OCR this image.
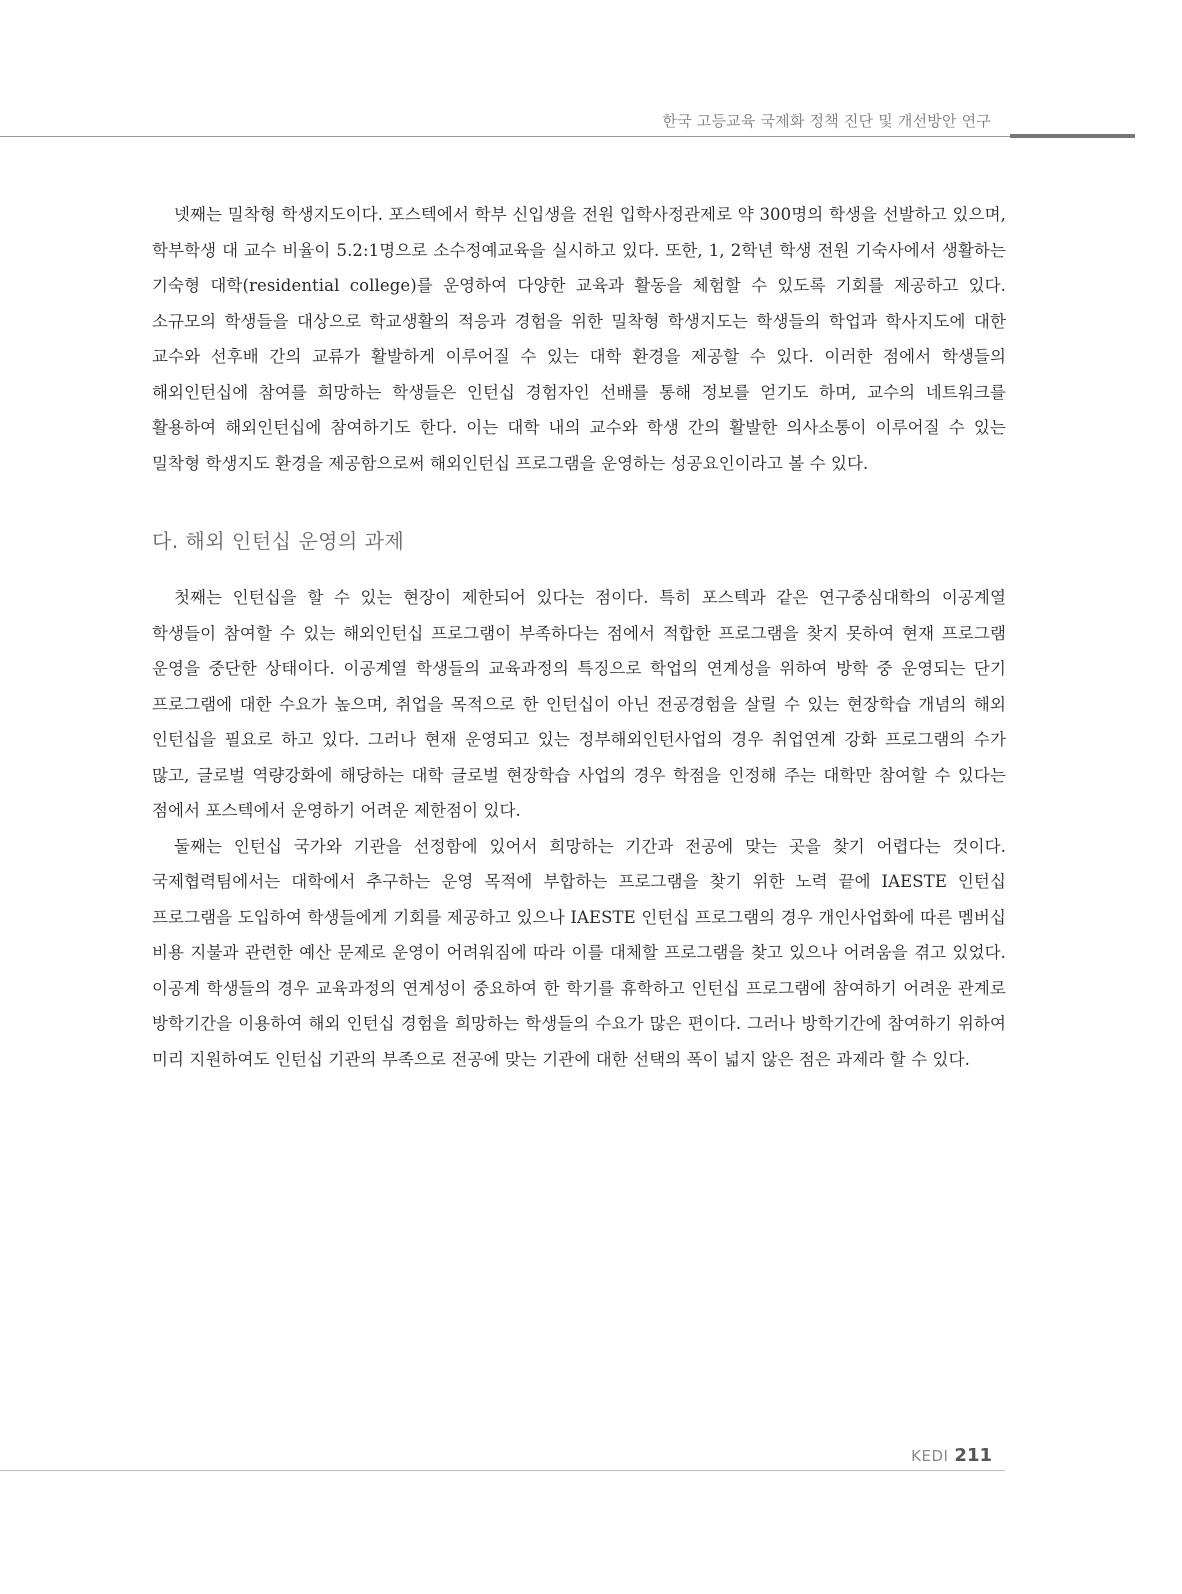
한국 고등교육 국제화 정책 진단 및 개선방안 연구

넷째는 밀착형 학생지도이다. 포스텍에서 학부 신입생을 전원 입학사정관제로 약 300명의 학생을 선발하고 있으며, 학부학생 대 교수 비율이 5.2:1명으로 소수정예교육을 실시하고 있다. 또한, 1, 2학년 학생 전원 기숙사에서 생활하는 기숙형 대학(residential college)를 운영하여 다양한 교육과 활동을 체험할 수 있도록 기회를 제공하고 있다. 소규모의 학생들을 대상으로 학교생활의 적응과 경험을 위한 밀착형 학생지도는 학생들의 학업과 학사지도에 대한 교수와 선후배 간의 교류가 활발하게 이루어질 수 있는 대학 환경을 제공할 수 있다. 이러한 점에서 학생들의 해외인턴십에 참여를 희망하는 학생들은 인턴십 경험자인 선배를 통해 정보를 얻기도 하며, 교수의 네트워크를 활용하여 해외인턴십에 참여하기도 한다. 이는 대학 내의 교수와 학생 간의 활발한 의사소통이 이루어질 수 있는 밀착형 학생지도 환경을 제공함으로써 해외인턴십 프로그램을 운영하는 성공요인이라고 볼 수 있다.

다. 해외 인턴십 운영의 과제

첫째는 인턴십을 할 수 있는 현장이 제한되어 있다는 점이다. 특히 포스텍과 같은 연구중심대학의 이공계열 학생들이 참여할 수 있는 해외인턴십 프로그램이 부족하다는 점에서 적합한 프로그램을 찾지 못하여 현재 프로그램 운영을 중단한 상태이다. 이공계열 학생들의 교육과정의 특징으로 학업의 연계성을 위하여 방학 중 운영되는 단기 프로그램에 대한 수요가 높으며, 취업을 목적으로 한 인턴십이 아닌 전공경험을 살릴 수 있는 현장학습 개념의 해외 인턴십을 필요로 하고 있다. 그러나 현재 운영되고 있는 정부해외인턴사업의 경우 취업연계 강화 프로그램의 수가 많고, 글로벌 역량강화에 해당하는 대학 글로벌 현장학습 사업의 경우 학점을 인정해 주는 대학만 참여할 수 있다는 점에서 포스텍에서 운영하기 어려운 제한점이 있다.

둘째는 인턴십 국가와 기관을 선정함에 있어서 희망하는 기간과 전공에 맞는 곳을 찾기 어렵다는 것이다. 국제협력팀에서는 대학에서 추구하는 운영 목적에 부합하는 프로그램을 찾기 위한 노력 끝에 IAESTE 인턴십 프로그램을 도입하여 학생들에게 기회를 제공하고 있으나 IAESTE 인턴십 프로그램의 경우 개인사업화에 따른 멤버십 비용 지불과 관련한 예산 문제로 운영이 어려워짐에 따라 이를 대체할 프로그램을 찾고 있으나 어려움을 겪고 있었다. 이공계 학생들의 경우 교육과정의 연계성이 중요하여 한 학기를 휴학하고 인턴십 프로그램에 참여하기 어려운 관계로 방학기간을 이용하여 해외 인턴십 경험을 희망하는 학생들의 수요가 많은 편이다. 그러나 방학기간에 참여하기 위하여 미리 지원하여도 인턴십 기관의 부족으로 전공에 맞는 기관에 대한 선택의 폭이 넓지 않은 점은 과제라 할 수 있다.

KEDI 211
